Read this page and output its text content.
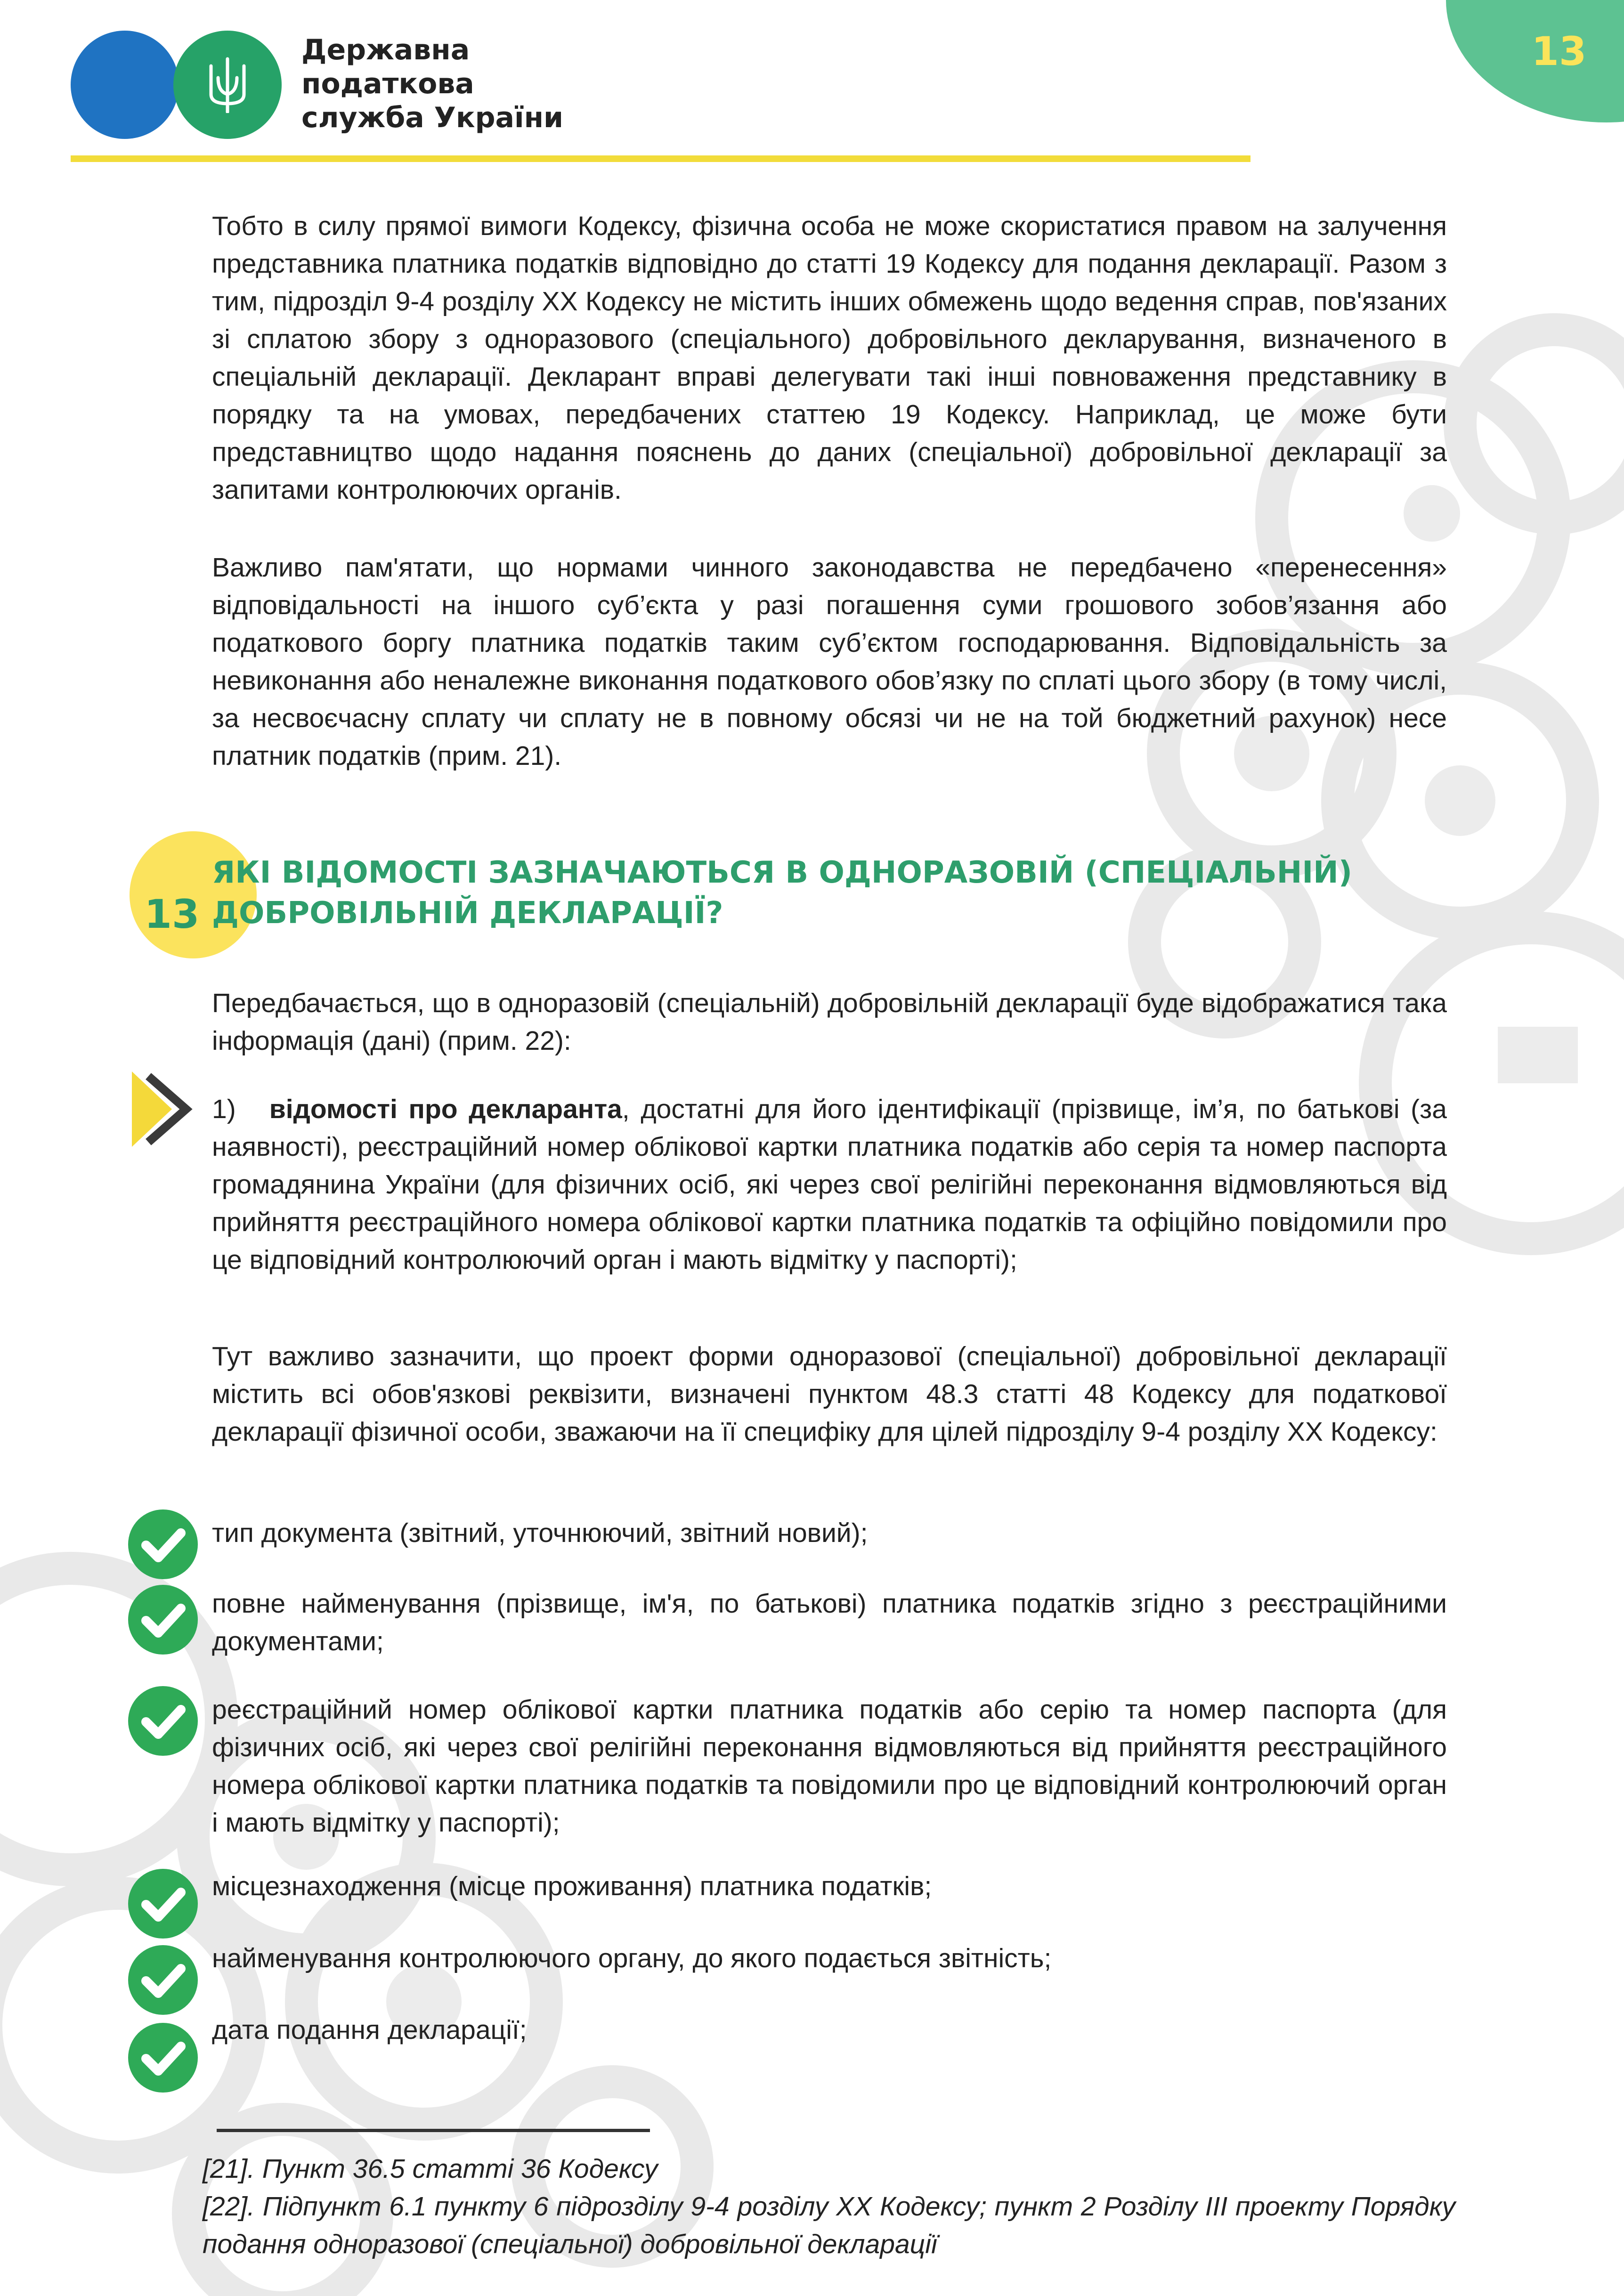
Державна
податкова
служба України
13

Тобто в силу прямої вимоги Кодексу, фізична особа не може скористатися правом на залучення представника платника податків відповідно до статті 19 Кодексу для подання декларації. Разом з тим, підрозділ 9-4 розділу XX Кодексу не містить інших обмежень щодо ведення справ, пов'язаних зі сплатою збору з одноразового (спеціального) добровільного декларування, визначеного в спеціальній декларації. Декларант вправі делегувати такі інші повноваження представнику в порядку та на умовах, передбачених статтею 19 Кодексу. Наприклад, це може бути представництво щодо надання пояснень до даних (спеціальної) добровільної декларації за запитами контролюючих органів.

Важливо пам'ятати, що нормами чинного законодавства не передбачено «перенесення» відповідальності на іншого суб’єкта у разі погашення суми грошового зобов’язання або податкового боргу платника податків таким суб’єктом господарювання. Відповідальність за невиконання або неналежне виконання податкового обов’язку по сплаті цього збору (в тому числі, за несвоєчасну сплату чи сплату не в повному обсязі чи не на той бюджетний рахунок) несе платник податків (прим. 21).

13
ЯКІ ВІДОМОСТІ ЗАЗНАЧАЮТЬСЯ В ОДНОРАЗОВІЙ (СПЕЦІАЛЬНІЙ)
ДОБРОВІЛЬНІЙ ДЕКЛАРАЦІЇ?

Передбачається, що в одноразовій (спеціальній) добровільній декларації буде відображатися така інформація (дані) (прим. 22):

1) відомості про декларанта, достатні для його ідентифікації (прізвище, ім’я, по батькові (за наявності), реєстраційний номер облікової картки платника податків або серія та номер паспорта громадянина України (для фізичних осіб, які через свої релігійні переконання відмовляються від прийняття реєстраційного номера облікової картки платника податків та офіційно повідомили про це відповідний контролюючий орган і мають відмітку у паспорті);

Тут важливо зазначити, що проект форми одноразової (спеціальної) добровільної декларації містить всі обов'язкові реквізити, визначені пунктом 48.3 статті 48 Кодексу для податкової декларації фізичної особи, зважаючи на її специфіку для цілей підрозділу 9-4 розділу XX Кодексу:

тип документа (звітний, уточнюючий, звітний новий);

повне найменування (прізвище, ім'я, по батькові) платника податків згідно з реєстраційними документами;

реєстраційний номер облікової картки платника податків або серію та номер паспорта (для фізичних осіб, які через свої релігійні переконання відмовляються від прийняття реєстраційного номера облікової картки платника податків та повідомили про це відповідний контролюючий орган і мають відмітку у паспорті);

місцезнаходження (місце проживання) платника податків;

найменування контролюючого органу, до якого подається звітність;

дата подання декларації;

[21]. Пункт 36.5 статті 36 Кодексу

[22]. Підпункт 6.1 пункту 6 підрозділу 9-4 розділу XX Кодексу; пункт 2 Розділу ІІІ проекту Порядку подання одноразової (спеціальної) добровільної декларації
